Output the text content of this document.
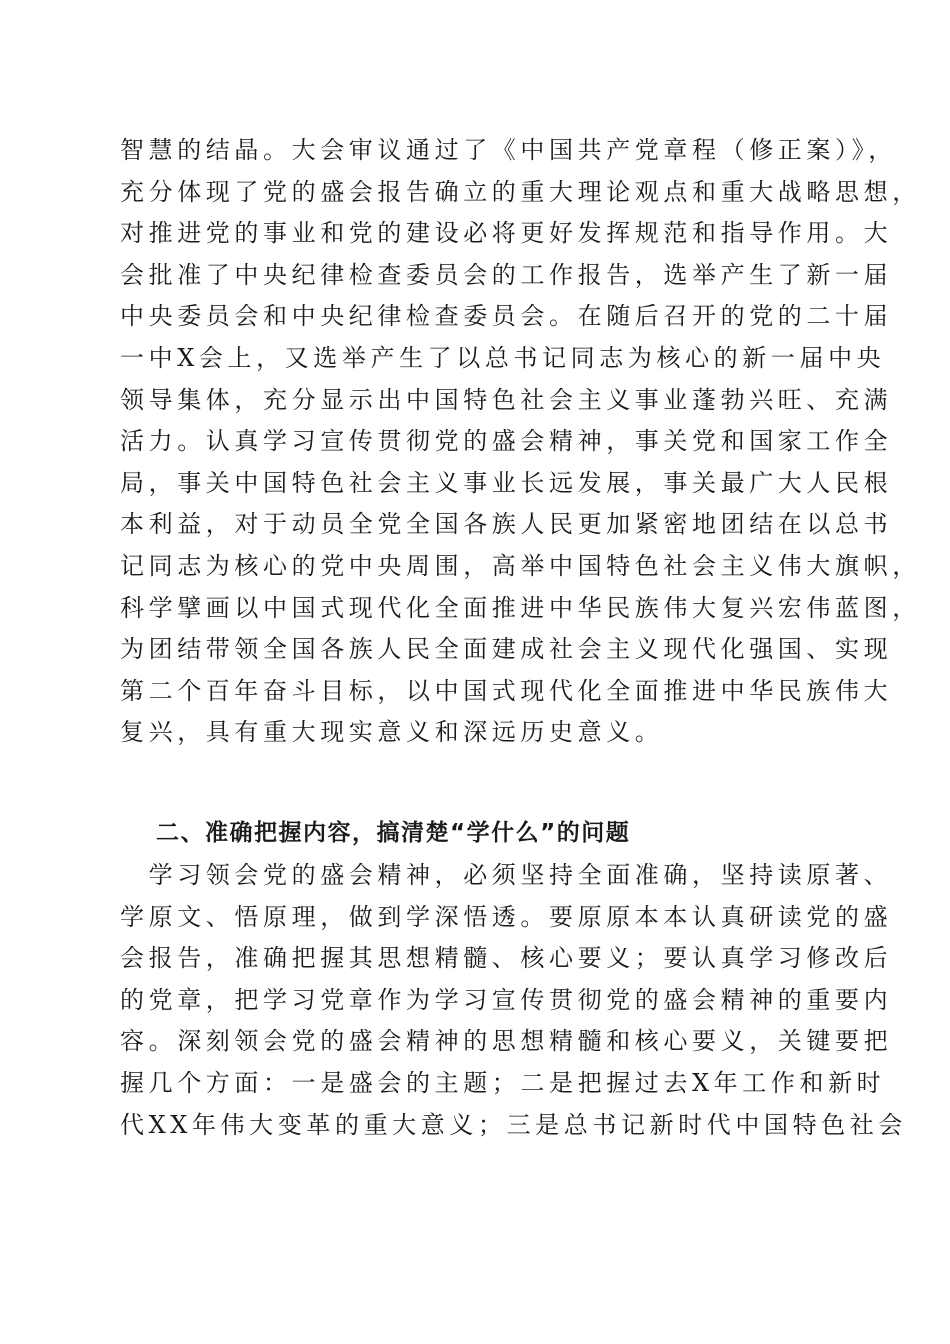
智慧的结晶。大会审议通过了《中国共产党章程（修正案）》，
充分体现了党的盛会报告确立的重大理论观点和重大战略思想，
对推进党的事业和党的建设必将更好发挥规范和指导作用。大
会批准了中央纪律检查委员会的工作报告，选举产生了新一届
中央委员会和中央纪律检查委员会。在随后召开的党的二十届
一中X会上，又选举产生了以总书记同志为核心的新一届中央
领导集体，充分显示出中国特色社会主义事业蓬勃兴旺、充满
活力。认真学习宣传贯彻党的盛会精神，事关党和国家工作全
局，事关中国特色社会主义事业长远发展，事关最广大人民根
本利益，对于动员全党全国各族人民更加紧密地团结在以总书
记同志为核心的党中央周围，高举中国特色社会主义伟大旗帜，
科学擘画以中国式现代化全面推进中华民族伟大复兴宏伟蓝图，
为团结带领全国各族人民全面建成社会主义现代化强国、实现
第二个百年奋斗目标，以中国式现代化全面推进中华民族伟大
复兴，具有重大现实意义和深远历史意义。
二、准确把握内容，搞清楚“学什么”的问题
　学习领会党的盛会精神，必须坚持全面准确，坚持读原著、
学原文、悟原理，做到学深悟透。要原原本本认真研读党的盛
会报告，准确把握其思想精髓、核心要义；要认真学习修改后
的党章，把学习党章作为学习宣传贯彻党的盛会精神的重要内
容。深刻领会党的盛会精神的思想精髓和核心要义，关键要把
握几个方面：一是盛会的主题；二是把握过去X年工作和新时
代XX年伟大变革的重大意义；三是总书记新时代中国特色社会
